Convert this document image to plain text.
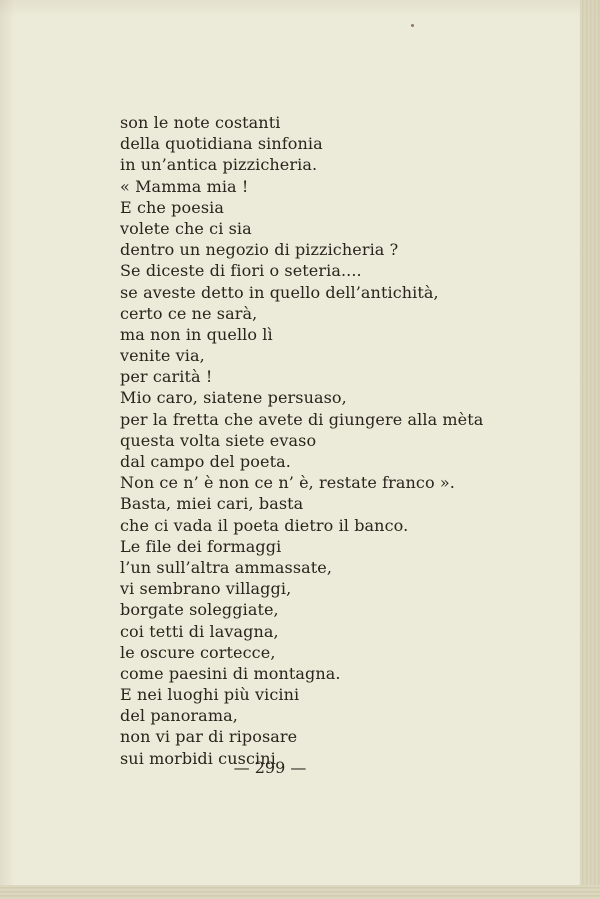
son le note costanti
della quotidiana sinfonia
in un’antica pizzicheria.
« Mamma mia !
E che poesia
volete che ci sia
dentro un negozio di pizzicheria ?
Se diceste di fiori o seteria....
se aveste detto in quello dell’antichità,
certo ce ne sarà,
ma non in quello lì
venite via,
per carità !
Mio caro, siatene persuaso,
per la fretta che avete di giungere alla mèta
questa volta siete evaso
dal campo del poeta.
Non ce n’ è non ce n’ è, restate franco ».
Basta, miei cari, basta
che ci vada il poeta dietro il banco.
Le file dei formaggi
l’un sull’altra ammassate,
vi sembrano villaggi,
borgate soleggiate,
coi tetti di lavagna,
le oscure cortecce,
come paesini di montagna.
E nei luoghi più vicini
del panorama,
non vi par di riposare
sui morbidi cuscini
— 299 —
